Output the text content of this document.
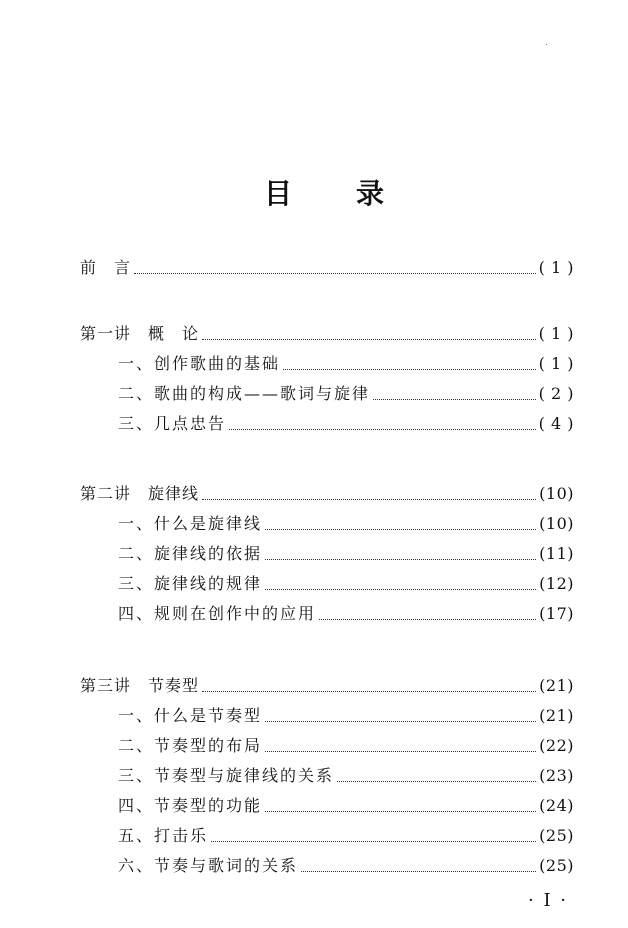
目 录
前　言	( 1 )
第一讲　概　论	( 1 )
一、创作歌曲的基础	( 1 )
二、歌曲的构成——歌词与旋律	( 2 )
三、几点忠告	( 4 )
第二讲　旋律线	(10)
一、什么是旋律线	(10)
二、旋律线的依据	(11)
三、旋律线的规律	(12)
四、规则在创作中的应用	(17)
第三讲　节奏型	(21)
一、什么是节奏型	(21)
二、节奏型的布局	(22)
三、节奏型与旋律线的关系	(23)
四、节奏型的功能	(24)
五、打击乐	(25)
六、节奏与歌词的关系	(25)
· I ·
